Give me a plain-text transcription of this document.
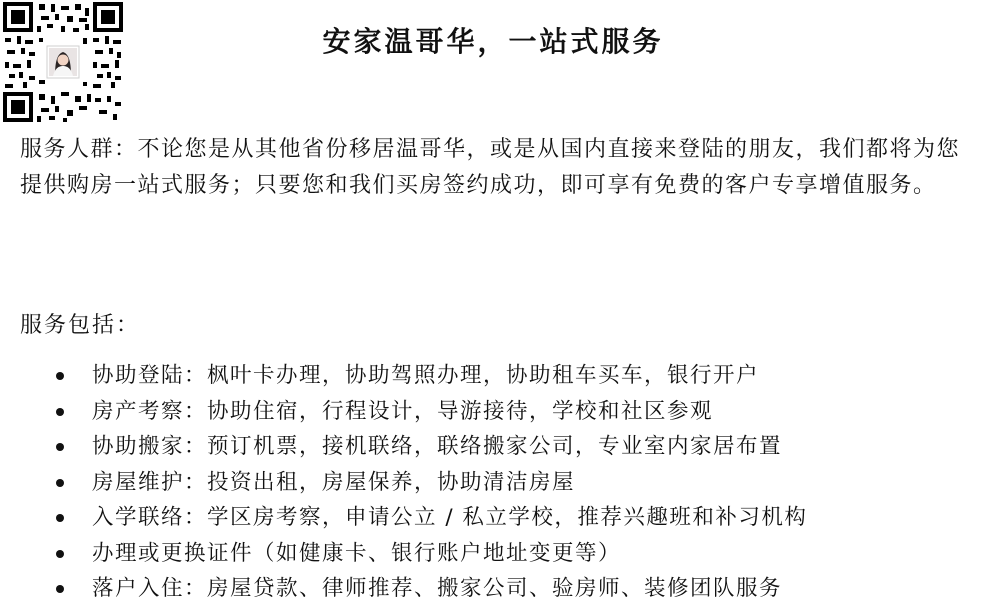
安家温哥华，一站式服务

服务人群：不论您是从其他省份移居温哥华，或是从国内直接来登陆的朋友，我们都将为您提供购房一站式服务；只要您和我们买房签约成功，即可享有免费的客户专享增值服务。

服务包括：

协助登陆：枫叶卡办理，协助驾照办理，协助租车买车，银行开户
房产考察：协助住宿，行程设计，导游接待，学校和社区参观
协助搬家：预订机票，接机联络，联络搬家公司，专业室内家居布置
房屋维护：投资出租，房屋保养，协助清洁房屋
入学联络：学区房考察，申请公立 / 私立学校，推荐兴趣班和补习机构
办理或更换证件（如健康卡、银行账户地址变更等）
落户入住：房屋贷款、律师推荐、搬家公司、验房师、装修团队服务
